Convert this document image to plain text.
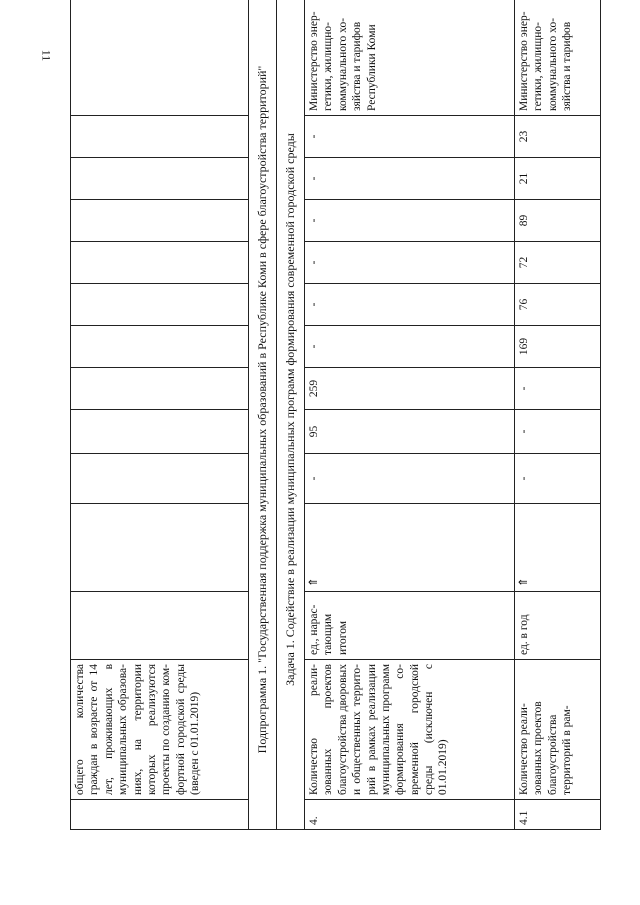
11
	общего количества граждан в возрасте от 14 лет, проживающих в муниципальных образованиях, на территории которых реализуются проекты по созданию комфортной городской среды (введен с 01.01.2019)												
Подпрограмма 1. "Государственная поддержка муниципальных образований в Республике Коми в сфере благоустройства территорий"													
Задача 1. Содействие в реализации муниципальных программ формирования современной городской среды													
4.	Количество реализованных проектов благоустройства дворовых и общественных территорий в рамках реализации муниципальных программ формирования современной городской среды (исключен с 01.01.2019)	ед., нарастающим итогом	⇑	-	95	259	-	-	-	-	-	-	Министерство энергетики, жилищно-коммунального хозяйства и тарифов Республики Коми
4.1	Количество реализованных проектов благоустройства территорий в рам-	ед. в год	⇑	-	-	-	169	76	72	89	21	23	Министерство энергетики, жилищно-коммунального хозяйства и тарифов
